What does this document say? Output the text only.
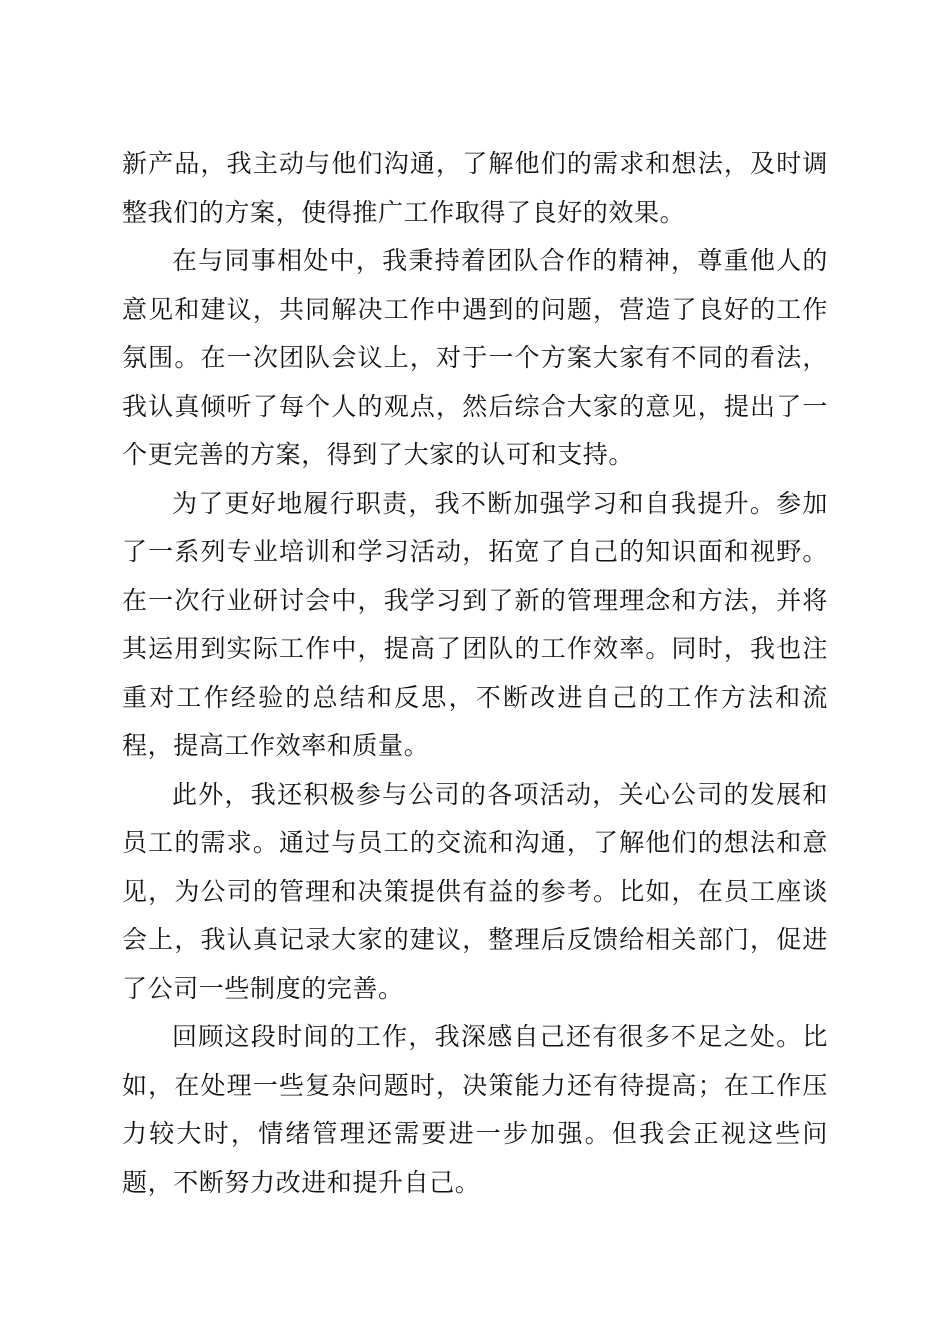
新产品，我主动与他们沟通，了解他们的需求和想法，及时调整我们的方案，使得推广工作取得了良好的效果。

在与同事相处中，我秉持着团队合作的精神，尊重他人的意见和建议，共同解决工作中遇到的问题，营造了良好的工作氛围。在一次团队会议上，对于一个方案大家有不同的看法，我认真倾听了每个人的观点，然后综合大家的意见，提出了一个更完善的方案，得到了大家的认可和支持。

为了更好地履行职责，我不断加强学习和自我提升。参加了一系列专业培训和学习活动，拓宽了自己的知识面和视野。在一次行业研讨会中，我学习到了新的管理理念和方法，并将其运用到实际工作中，提高了团队的工作效率。同时，我也注重对工作经验的总结和反思，不断改进自己的工作方法和流程，提高工作效率和质量。

此外，我还积极参与公司的各项活动，关心公司的发展和员工的需求。通过与员工的交流和沟通，了解他们的想法和意见，为公司的管理和决策提供有益的参考。比如，在员工座谈会上，我认真记录大家的建议，整理后反馈给相关部门，促进了公司一些制度的完善。

回顾这段时间的工作，我深感自己还有很多不足之处。比如，在处理一些复杂问题时，决策能力还有待提高；在工作压力较大时，情绪管理还需要进一步加强。但我会正视这些问题，不断努力改进和提升自己。
